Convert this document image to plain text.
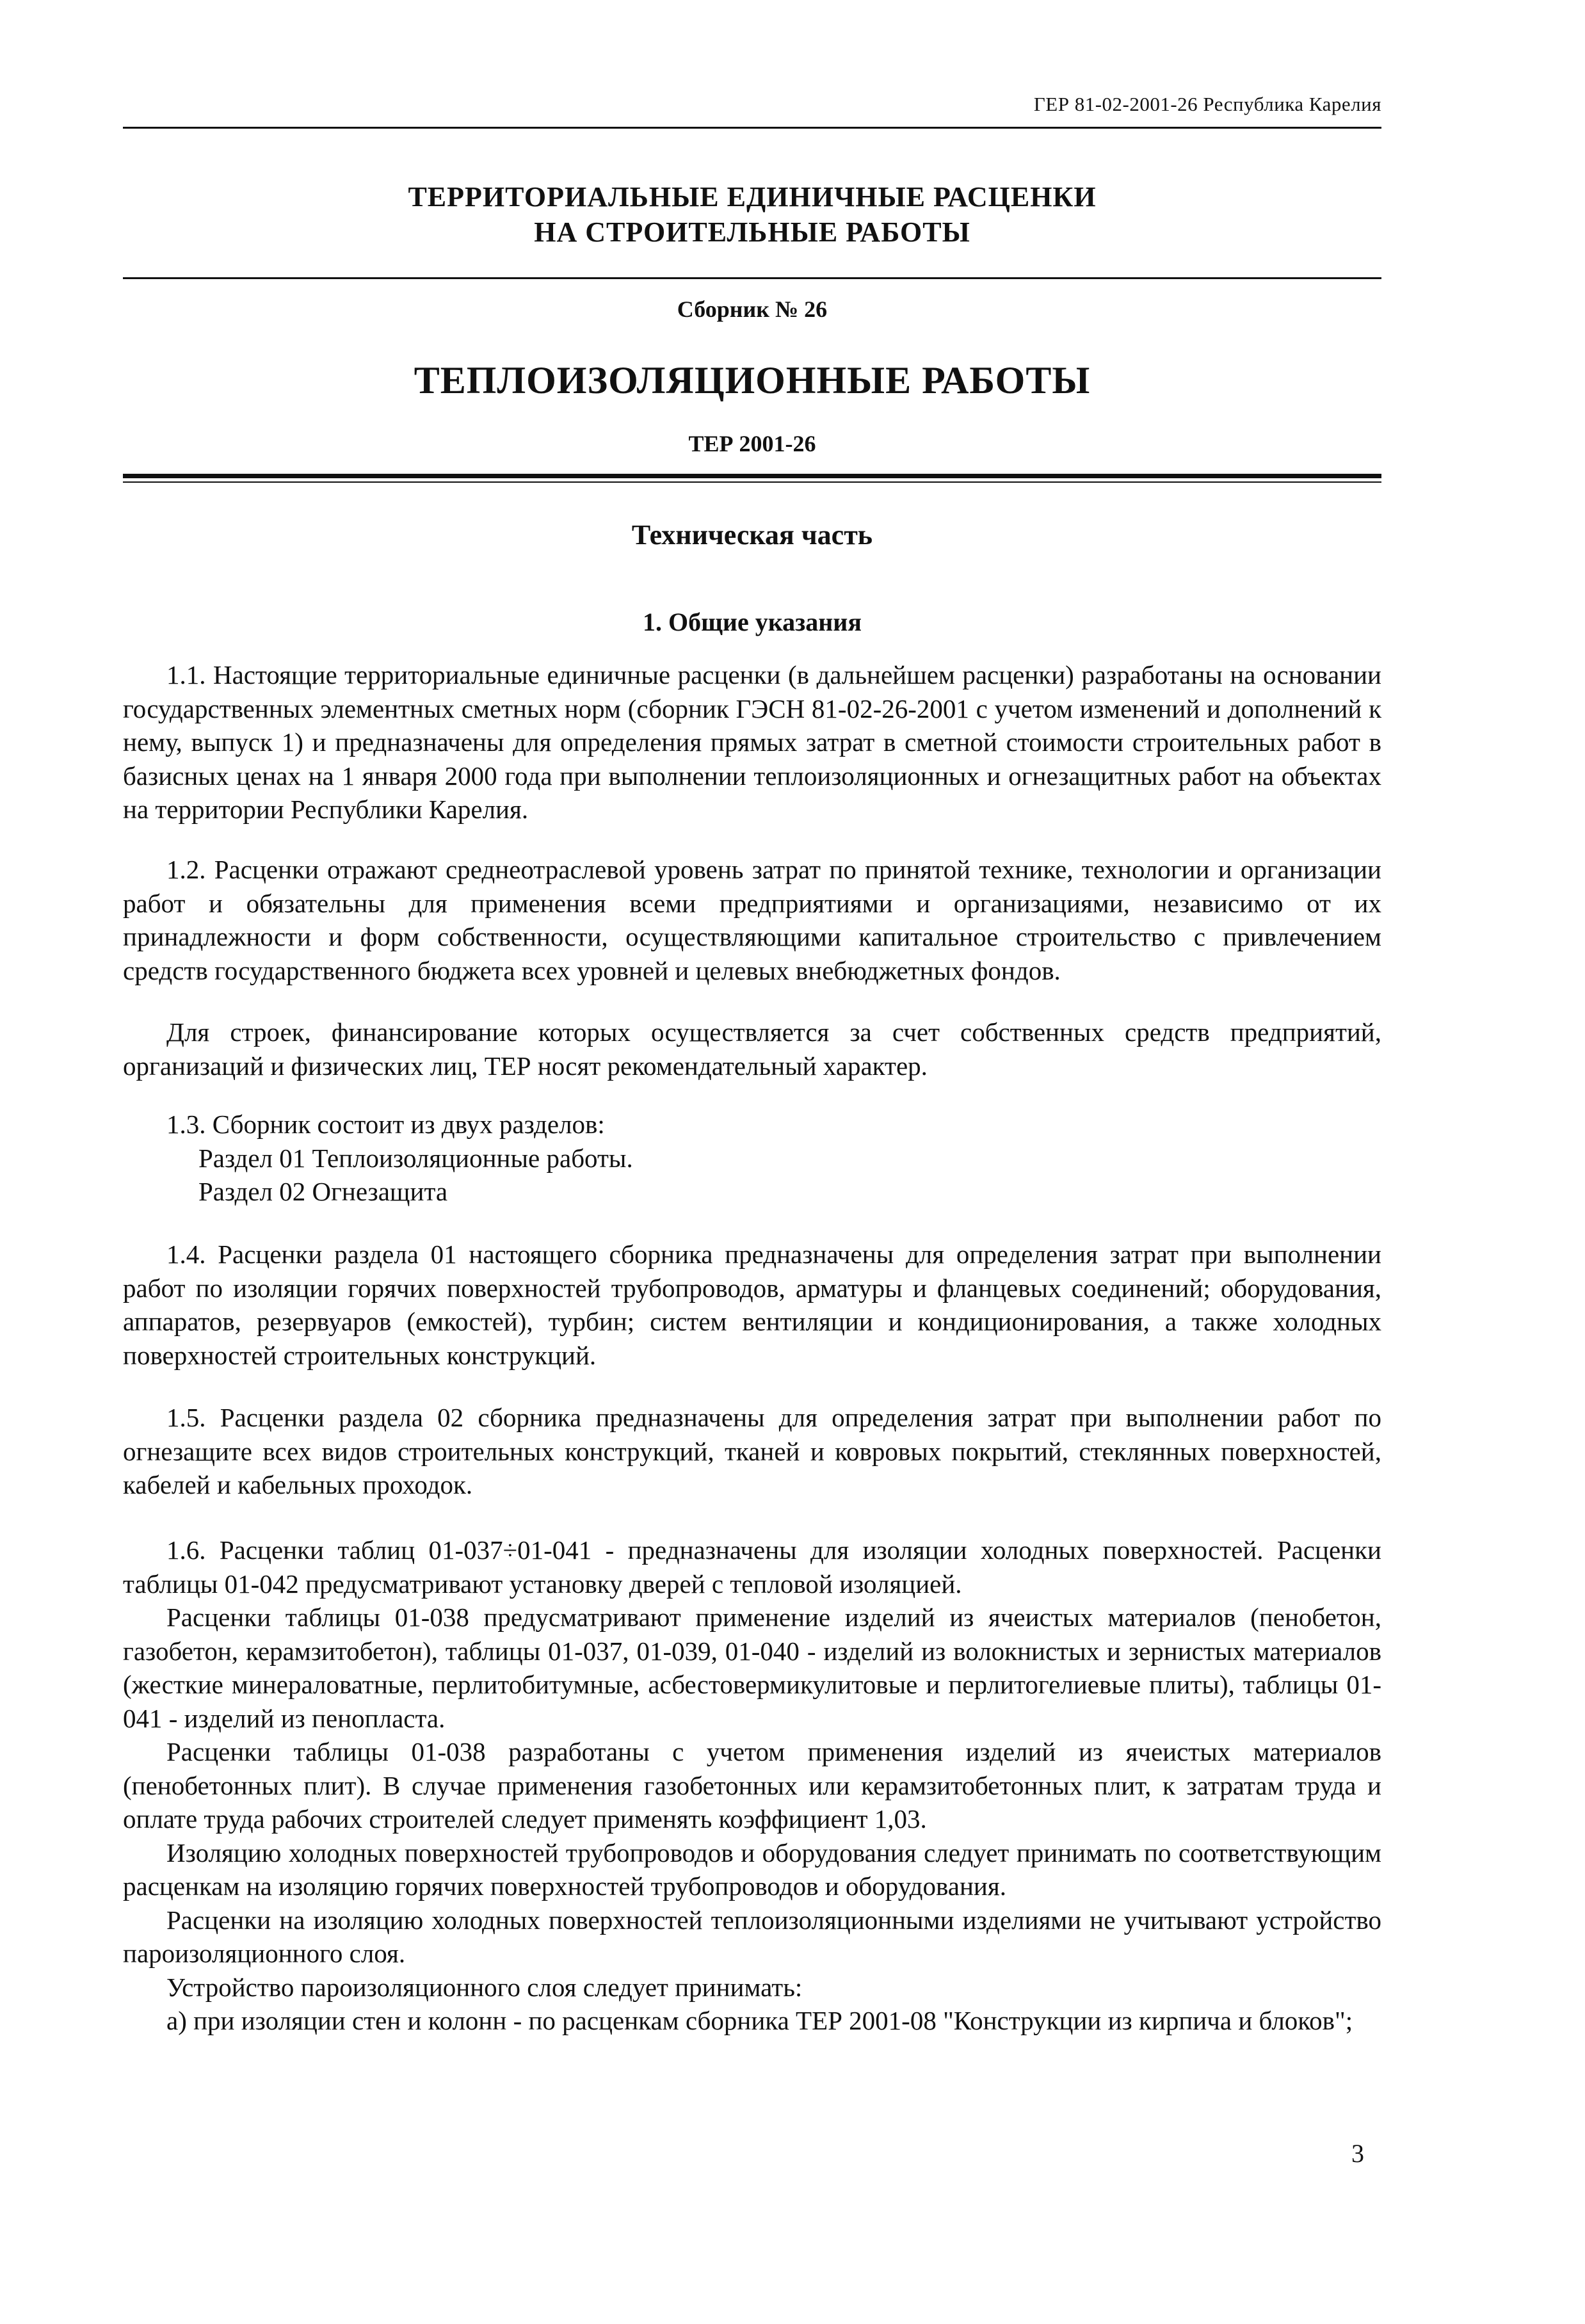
ГЕР 81-02-2001-26 Республика Карелия
ТЕРРИТОРИАЛЬНЫЕ ЕДИНИЧНЫЕ РАСЦЕНКИ
НА СТРОИТЕЛЬНЫЕ РАБОТЫ
Сборник № 26
ТЕПЛОИЗОЛЯЦИОННЫЕ РАБОТЫ
ТЕР 2001-26
Техническая часть
1. Общие указания

1.1. Настоящие территориальные единичные расценки (в дальнейшем расценки) разработаны на основании государственных элементных сметных норм (сборник ГЭСН 81-02-26-2001 с учетом изменений и дополнений к нему, выпуск 1) и предназначены для определения прямых затрат в сметной стоимости строительных работ в базисных ценах на 1 января 2000 года при выполнении теплоизоляционных и огнезащитных работ на объектах на территории Республики Карелия.

1.2. Расценки отражают среднеотраслевой уровень затрат по принятой технике, технологии и организации работ и обязательны для применения всеми предприятиями и организациями, независимо от их принадлежности и форм собственности, осуществляющими капитальное строительство с привлечением средств государственного бюджета всех уровней и целевых внебюджетных фондов.

Для строек, финансирование которых осуществляется за счет собственных средств предприятий, организаций и физических лиц, ТЕР носят рекомендательный характер.

1.3. Сборник состоит из двух разделов:

Раздел 01 Теплоизоляционные работы.

Раздел 02 Огнезащита

1.4. Расценки раздела 01 настоящего сборника предназначены для определения затрат при выполнении работ по изоляции горячих поверхностей трубопроводов, арматуры и фланцевых соединений; оборудования, аппаратов, резервуаров (емкостей), турбин; систем вентиляции и кондиционирования, а также холодных поверхностей строительных конструкций.

1.5. Расценки раздела 02 сборника предназначены для определения затрат при выполнении работ по огнезащите всех видов строительных конструкций, тканей и ковровых покрытий, стеклянных поверхностей, кабелей и кабельных проходок.

1.6. Расценки таблиц 01-037÷01-041 - предназначены для изоляции холодных поверхностей. Расценки таблицы 01-042 предусматривают установку дверей с тепловой изоляцией.

Расценки таблицы 01-038 предусматривают применение изделий из ячеистых материалов (пенобетон, газобетон, керамзитобетон), таблицы 01-037, 01-039, 01-040 - изделий из волокнистых и зернистых материалов (жесткие минераловатные, перлитобитумные, асбестовермикулитовые и перлитогелиевые плиты), таблицы 01-041 - изделий из пенопласта.

Расценки таблицы 01-038 разработаны с учетом применения изделий из ячеистых материалов (пенобетонных плит). В случае применения газобетонных или керамзитобетонных плит, к затратам труда и оплате труда рабочих строителей следует применять коэффициент 1,03.

Изоляцию холодных поверхностей трубопроводов и оборудования следует принимать по соответствующим расценкам на изоляцию горячих поверхностей трубопроводов и оборудования.

Расценки на изоляцию холодных поверхностей теплоизоляционными изделиями не учитывают устройство пароизоляционного слоя.

Устройство пароизоляционного слоя следует принимать:

а) при изоляции стен и колонн - по расценкам сборника ТЕР 2001-08 "Конструкции из кирпича и блоков";

3
